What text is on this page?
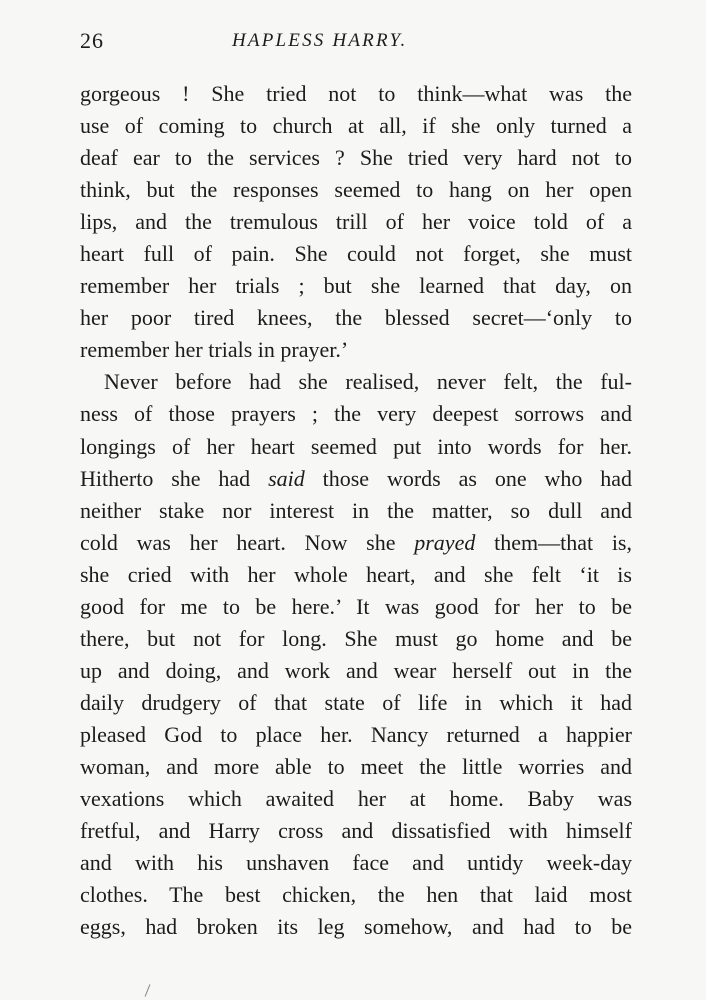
26	HAPLESS HARRY.
gorgeous ! She tried not to think—what was the
use of coming to church at all, if she only turned a
deaf ear to the services ? She tried very hard not to
think, but the responses seemed to hang on her open
lips, and the tremulous trill of her voice told of a
heart full of pain. She could not forget, she must
remember her trials ; but she learned that day, on
her poor tired knees, the blessed secret—‘only to
remember her trials in prayer.’
Never before had she realised, never felt, the ful-
ness of those prayers ; the very deepest sorrows and
longings of her heart seemed put into words for her.
Hitherto she had said those words as one who had
neither stake nor interest in the matter, so dull and
cold was her heart. Now she prayed them—that is,
she cried with her whole heart, and she felt ‘it is
good for me to be here.’ It was good for her to be
there, but not for long. She must go home and be
up and doing, and work and wear herself out in the
daily drudgery of that state of life in which it had
pleased God to place her. Nancy returned a happier
woman, and more able to meet the little worries and
vexations which awaited her at home. Baby was
fretful, and Harry cross and dissatisfied with himself
and with his unshaven face and untidy week-day
clothes. The best chicken, the hen that laid most
eggs, had broken its leg somehow, and had to be
